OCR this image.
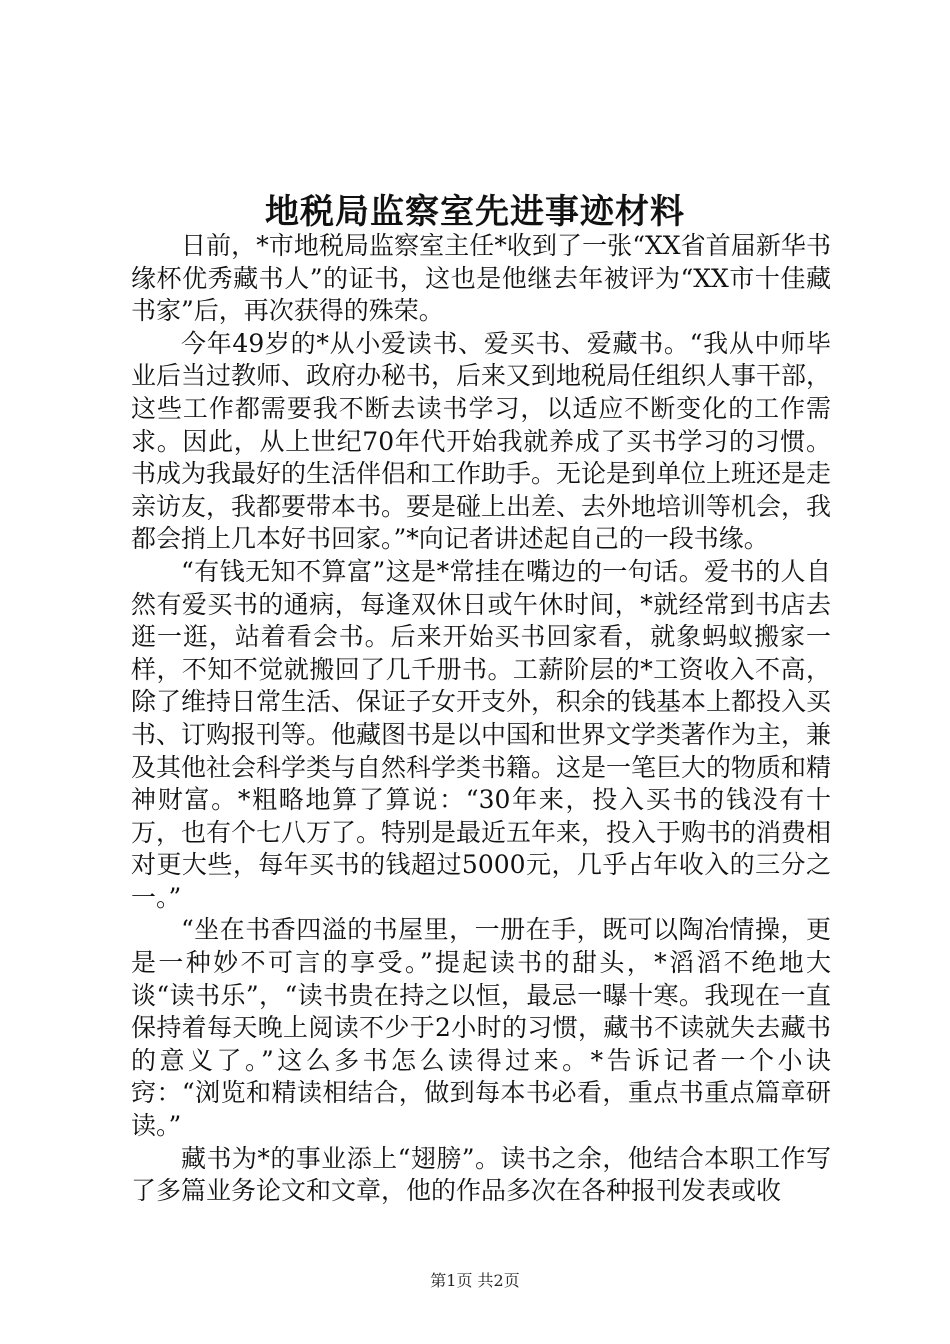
地税局监察室先进事迹材料

日前，*市地税局监察室主任*收到了一张“XX省首届新华书缘杯优秀藏书人”的证书，这也是他继去年被评为“XX市十佳藏书家”后，再次获得的殊荣。

今年49岁的*从小爱读书、爱买书、爱藏书。“我从中师毕业后当过教师、政府办秘书，后来又到地税局任组织人事干部，这些工作都需要我不断去读书学习，以适应不断变化的工作需求。因此，从上世纪70年代开始我就养成了买书学习的习惯。书成为我最好的生活伴侣和工作助手。无论是到单位上班还是走亲访友，我都要带本书。要是碰上出差、去外地培训等机会，我都会捎上几本好书回家。”*向记者讲述起自己的一段书缘。

“有钱无知不算富”这是*常挂在嘴边的一句话。爱书的人自然有爱买书的通病，每逢双休日或午休时间，*就经常到书店去逛一逛，站着看会书。后来开始买书回家看，就象蚂蚁搬家一样，不知不觉就搬回了几千册书。工薪阶层的*工资收入不高，除了维持日常生活、保证子女开支外，积余的钱基本上都投入买书、订购报刊等。他藏图书是以中国和世界文学类著作为主，兼及其他社会科学类与自然科学类书籍。这是一笔巨大的物质和精神财富。*粗略地算了算说：“30年来，投入买书的钱没有十万，也有个七八万了。特别是最近五年来，投入于购书的消费相对更大些，每年买书的钱超过5000元，几乎占年收入的三分之一。”

“坐在书香四溢的书屋里，一册在手，既可以陶冶情操，更是一种妙不可言的享受。”提起读书的甜头，*滔滔不绝地大谈“读书乐”，“读书贵在持之以恒，最忌一曝十寒。我现在一直保持着每天晚上阅读不少于2小时的习惯，藏书不读就失去藏书的意义了。”这么多书怎么读得过来。*告诉记者一个小诀窍：“浏览和精读相结合，做到每本书必看，重点书重点篇章研读。”

藏书为*的事业添上“翅膀”。读书之余，他结合本职工作写了多篇业务论文和文章，他的作品多次在各种报刊发表或收

第1页 共2页
